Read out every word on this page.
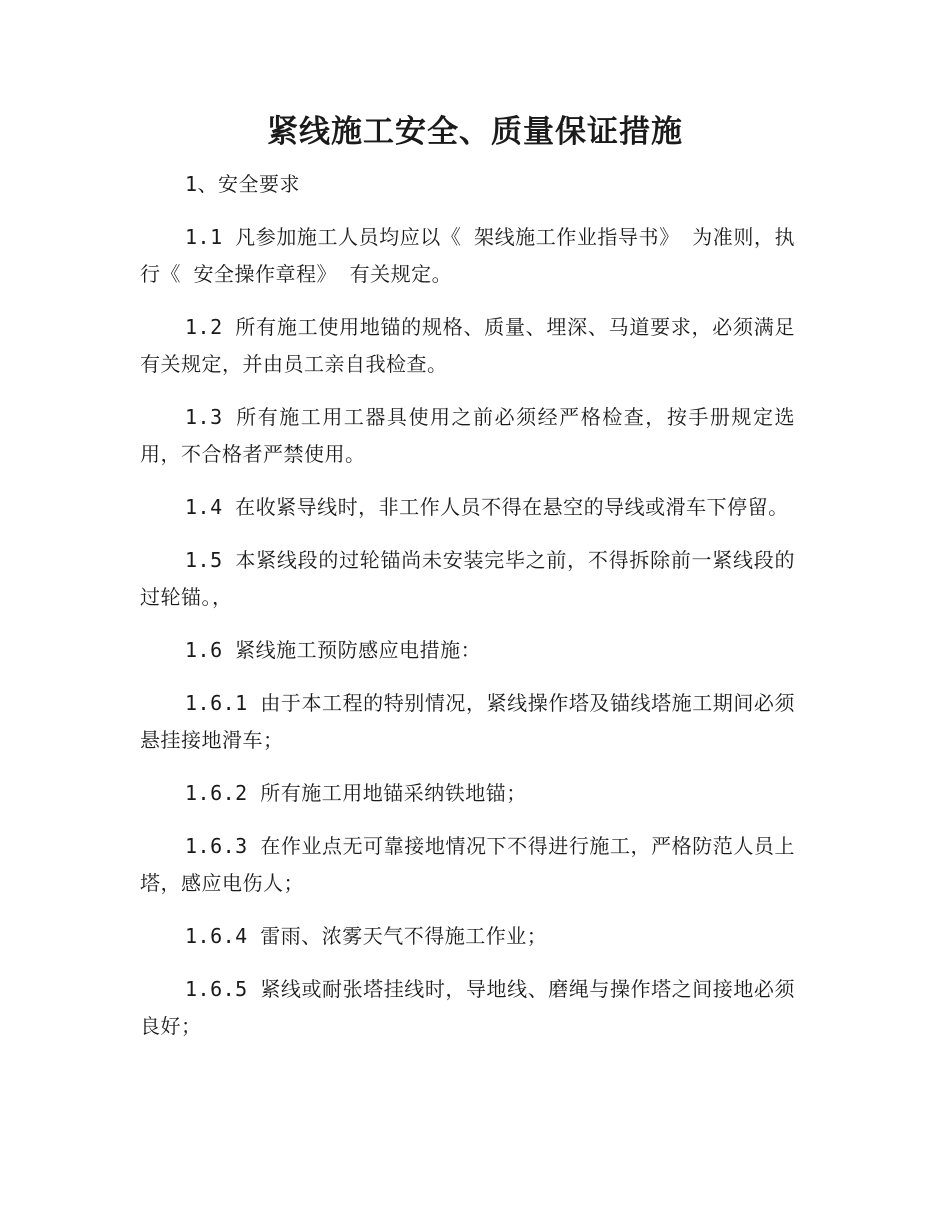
紧线施工安全、质量保证措施

1、安全要求

1.1 凡参加施工人员均应以《 架线施工作业指导书》 为准则，执行《 安全操作章程》 有关规定。

1.2 所有施工使用地锚的规格、质量、埋深、马道要求，必须满足有关规定，并由员工亲自我检查。

1.3 所有施工用工器具使用之前必须经严格检查，按手册规定选用，不合格者严禁使用。

1.4 在收紧导线时，非工作人员不得在悬空的导线或滑车下停留。

1.5 本紧线段的过轮锚尚未安装完毕之前，不得拆除前一紧线段的过轮锚。，

1.6 紧线施工预防感应电措施：

1.6.1 由于本工程的特别情况，紧线操作塔及锚线塔施工期间必须悬挂接地滑车；

1.6.2 所有施工用地锚采纳铁地锚；

1.6.3 在作业点无可靠接地情况下不得进行施工，严格防范人员上塔，感应电伤人；

1.6.4 雷雨、浓雾天气不得施工作业；

1.6.5 紧线或耐张塔挂线时，导地线、磨绳与操作塔之间接地必须良好；
